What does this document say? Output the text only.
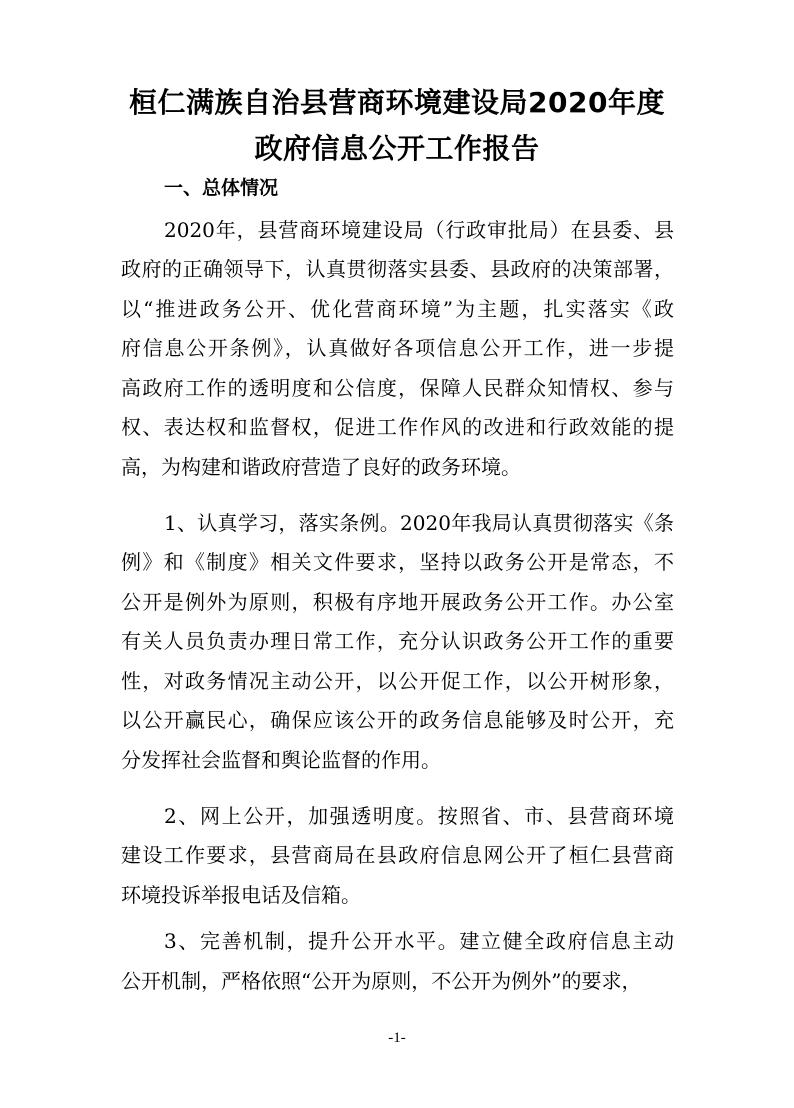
桓仁满族自治县营商环境建设局2020年度
政府信息公开工作报告
一、总体情况
2020年，县营商环境建设局（行政审批局）在县委、县
政府的正确领导下，认真贯彻落实县委、县政府的决策部署，
以“推进政务公开、优化营商环境”为主题，扎实落实《政
府信息公开条例》，认真做好各项信息公开工作，进一步提
高政府工作的透明度和公信度，保障人民群众知情权、参与
权、表达权和监督权，促进工作作风的改进和行政效能的提
高，为构建和谐政府营造了良好的政务环境。
1、认真学习，落实条例。2020年我局认真贯彻落实《条
例》和《制度》相关文件要求，坚持以政务公开是常态，不
公开是例外为原则，积极有序地开展政务公开工作。办公室
有关人员负责办理日常工作，充分认识政务公开工作的重要
性，对政务情况主动公开，以公开促工作，以公开树形象，
以公开赢民心，确保应该公开的政务信息能够及时公开，充
分发挥社会监督和舆论监督的作用。
2、网上公开，加强透明度。按照省、市、县营商环境
建设工作要求，县营商局在县政府信息网公开了桓仁县营商
环境投诉举报电话及信箱。
3、完善机制，提升公开水平。建立健全政府信息主动
公开机制，严格依照“公开为原则，不公开为例外”的要求，
-1-
